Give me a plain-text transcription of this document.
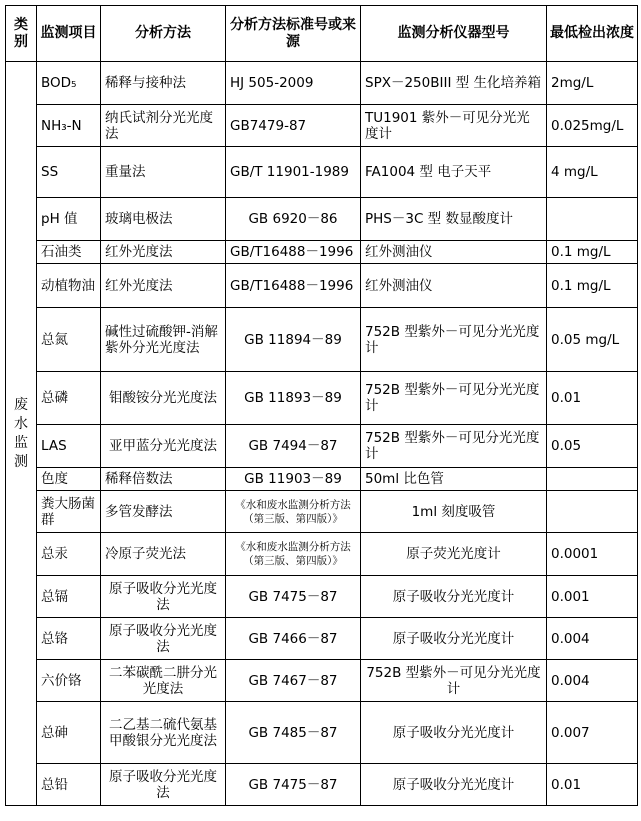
类别	监测项目	分析方法	分析方法标准号或来源	监测分析仪器型号	最低检出浓度
废水监测	BOD₅	稀释与接种法	HJ 505-2009	SPX－250BIII 型 生化培养箱	2mg/L
	NH₃-N	纳氏试剂分光光度法	GB7479-87	TU1901 紫外－可见分光光度计	0.025mg/L
	SS	重量法	GB/T 11901-1989	FA1004 型 电子天平	4 mg/L
	pH 值	玻璃电极法	GB 6920－86	PHS－3C 型 数显酸度计	
	石油类	红外光度法	GB/T16488－1996	红外测油仪	0.1 mg/L
	动植物油	红外光度法	GB/T16488－1996	红外测油仪	0.1 mg/L
	总氮	碱性过硫酸钾-消解紫外分光光度法	GB 11894－89	752B 型紫外－可见分光光度计	0.05 mg/L
	总磷	钼酸铵分光光度法	GB 11893－89	752B 型紫外－可见分光光度计	0.01
	LAS	亚甲蓝分光光度法	GB 7494－87	752B 型紫外－可见分光光度计	0.05
	色度	稀释倍数法	GB 11903－89	50ml 比色管	
	粪大肠菌群	多管发酵法	《水和废水监测分析方法（第三版、第四版）》	1ml 刻度吸管	
	总汞	冷原子荧光法	《水和废水监测分析方法（第三版、第四版）》	原子荧光光度计	0.0001
	总镉	原子吸收分光光度法	GB 7475－87	原子吸收分光光度计	0.001
	总铬	原子吸收分光光度法	GB 7466－87	原子吸收分光光度计	0.004
	六价铬	二苯碳酰二肼分光光度法	GB 7467－87	752B 型紫外－可见分光光度计	0.004
	总砷	二乙基二硫代氨基甲酸银分光光度法	GB 7485－87	原子吸收分光光度计	0.007
	总铅	原子吸收分光光度法	GB 7475－87	原子吸收分光光度计	0.01
